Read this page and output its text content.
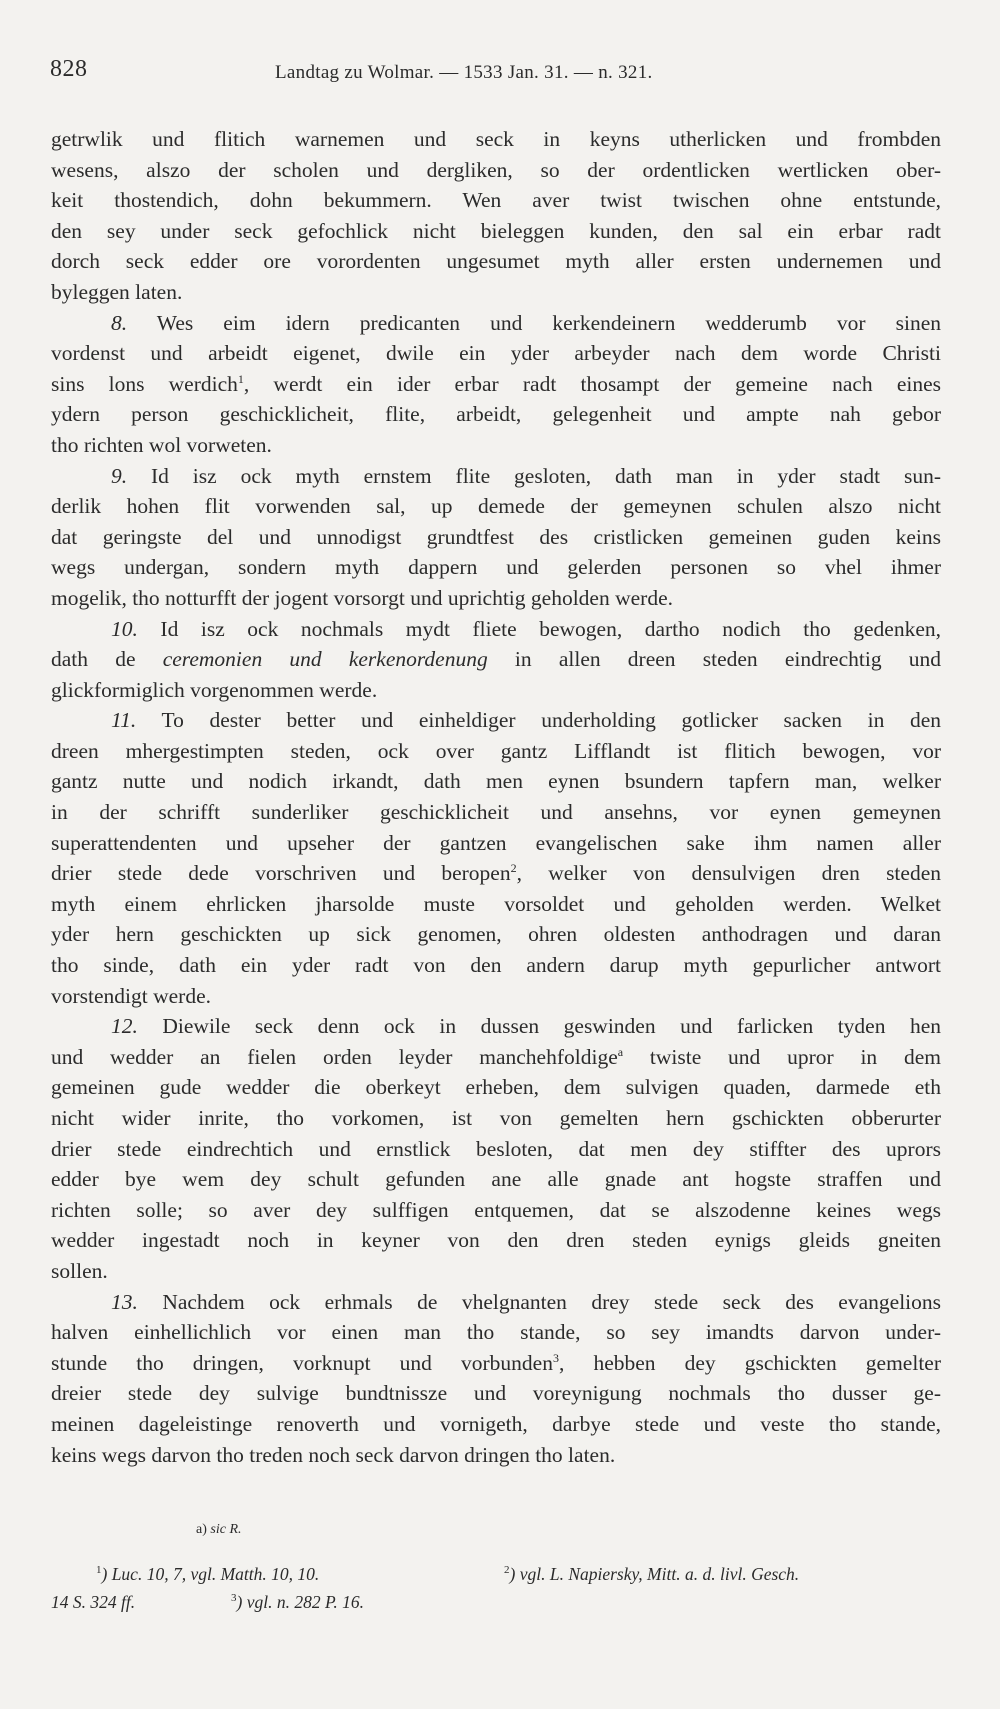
828	Landtag zu Wolmar. — 1533 Jan. 31. — n. 321.
getrwlik und flitich warnemen und seck in keyns utherlicken und frombden
wesens, alszo der scholen und dergliken, so der ordentlicken wertlicken ober-
keit thostendich, dohn bekummern. Wen aver twist twischen ohne entstunde,
den sey under seck gefochlick nicht bieleggen kunden, den sal ein erbar radt
dorch seck edder ore vorordenten ungesumet myth aller ersten undernemen und
byleggen laten.
8. Wes eim idern predicanten und kerkendeinern wedderumb vor sinen
vordenst und arbeidt eigenet, dwile ein yder arbeyder nach dem worde Christi
sins lons werdich$^1$, werdt ein ider erbar radt thosampt der gemeine nach eines
ydern person geschicklicheit, flite, arbeidt, gelegenheit und ampte nah gebor
tho richten wol vorweten.
9. Id isz ock myth ernstem flite gesloten, dath man in yder stadt sun-
derlik hohen flit vorwenden sal, up demede der gemeynen schulen alszo nicht
dat geringste del und unnodigst grundtfest des cristlicken gemeinen guden keins
wegs undergan, sondern myth dappern und gelerden personen so vhel ihmer
mogelik, tho notturfft der jogent vorsorgt und uprichtig geholden werde.
10. Id isz ock nochmals mydt fliete bewogen, dartho nodich tho gedenken,
dath de ceremonien und kerkenordenung in allen dreen steden eindrechtig und
glickformiglich vorgenommen werde.
11. To dester better und einheldiger underholding gotlicker sacken in den
dreen mhergestimpten steden, ock over gantz Lifflandt ist flitich bewogen, vor
gantz nutte und nodich irkandt, dath men eynen bsundern tapfern man, welker
in der schrifft sunderliker geschicklicheit und ansehns, vor eynen gemeynen
superattendenten und upseher der gantzen evangelischen sake ihm namen aller
drier stede dede vorschriven und beropen$^2$, welker von densulvigen dren steden
myth einem ehrlicken jharsolde muste vorsoldet und geholden werden. Welket
yder hern geschickten up sick genomen, ohren oldesten anthodragen und daran
tho sinde, dath ein yder radt von den andern darup myth gepurlicher antwort
vorstendigt werde.
12. Diewile seck denn ock in dussen geswinden und farlicken tyden hen
und wedder an fielen orden leyder manchehfoldige$^a$ twiste und upror in dem
gemeinen gude wedder die oberkeyt erheben, dem sulvigen quaden, darmede eth
nicht wider inrite, tho vorkomen, ist von gemelten hern gschickten obberurter
drier stede eindrechtich und ernstlick besloten, dat men dey stiffter des uprors
edder bye wem dey schult gefunden ane alle gnade ant hogste straffen und
richten solle; so aver dey sulffigen entquemen, dat se alszodenne keines wegs
wedder ingestadt noch in keyner von den dren steden eynigs gleids gneiten
sollen.
13. Nachdem ock erhmals de vhelgnanten drey stede seck des evangelions
halven einhellichlich vor einen man tho stande, so sey imandts darvon under-
stunde tho dringen, vorknupt und vorbunden$^3$, hebben dey gschickten gemelter
dreier stede dey sulvige bundtnissze und voreynigung nochmals tho dusser ge-
meinen dageleistinge renoverth und vornigeth, darbye stede und veste tho stande,
keins wegs darvon tho treden noch seck darvon dringen tho laten.
a) sic R.
$^1$) Luc. 10, 7, vgl. Matth. 10, 10.	$^2$) vgl. L. Napiersky, Mitt. a. d. livl. Gesch.
14 S. 324 ff.	$^3$) vgl. n. 282 P. 16.
